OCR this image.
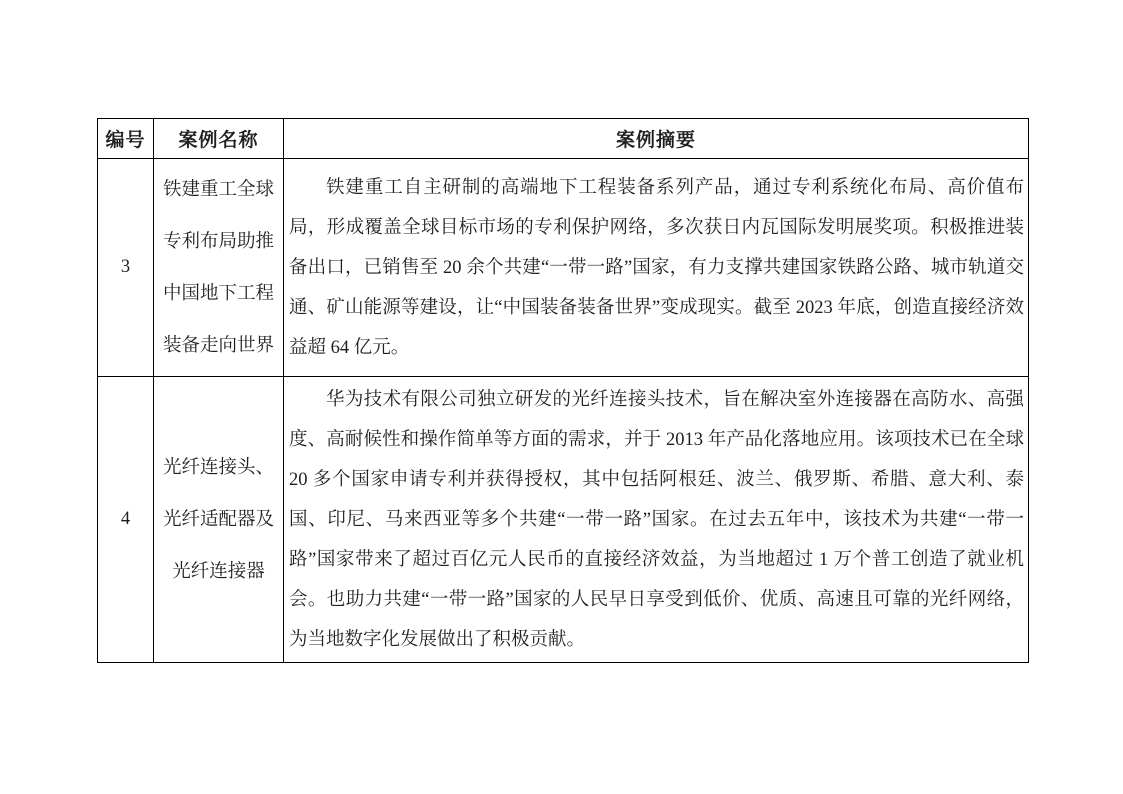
编号	案例名称	案例摘要
3	铁建重工全球专利布局助推中国地下工程装备走向世界	铁建重工自主研制的高端地下工程装备系列产品，通过专利系统化布局、高价值布局，形成覆盖全球目标市场的专利保护网络，多次获日内瓦国际发明展奖项。积极推进装备出口，已销售至 20 余个共建“一带一路”国家，有力支撑共建国家铁路公路、城市轨道交通、矿山能源等建设，让“中国装备装备世界”变成现实。截至 2023 年底，创造直接经济效益超 64 亿元。

4	光纤连接头、光纤适配器及光纤连接器	华为技术有限公司独立研发的光纤连接头技术，旨在解决室外连接器在高防水、高强度、高耐候性和操作简单等方面的需求，并于 2013 年产品化落地应用。该项技术已在全球 20 多个国家申请专利并获得授权，其中包括阿根廷、波兰、俄罗斯、希腊、意大利、泰国、印尼、马来西亚等多个共建“一带一路”国家。在过去五年中，该技术为共建“一带一路”国家带来了超过百亿元人民币的直接经济效益，为当地超过 1 万个普工创造了就业机会。也助力共建“一带一路”国家的人民早日享受到低价、优质、高速且可靠的光纤网络，为当地数字化发展做出了积极贡献。
